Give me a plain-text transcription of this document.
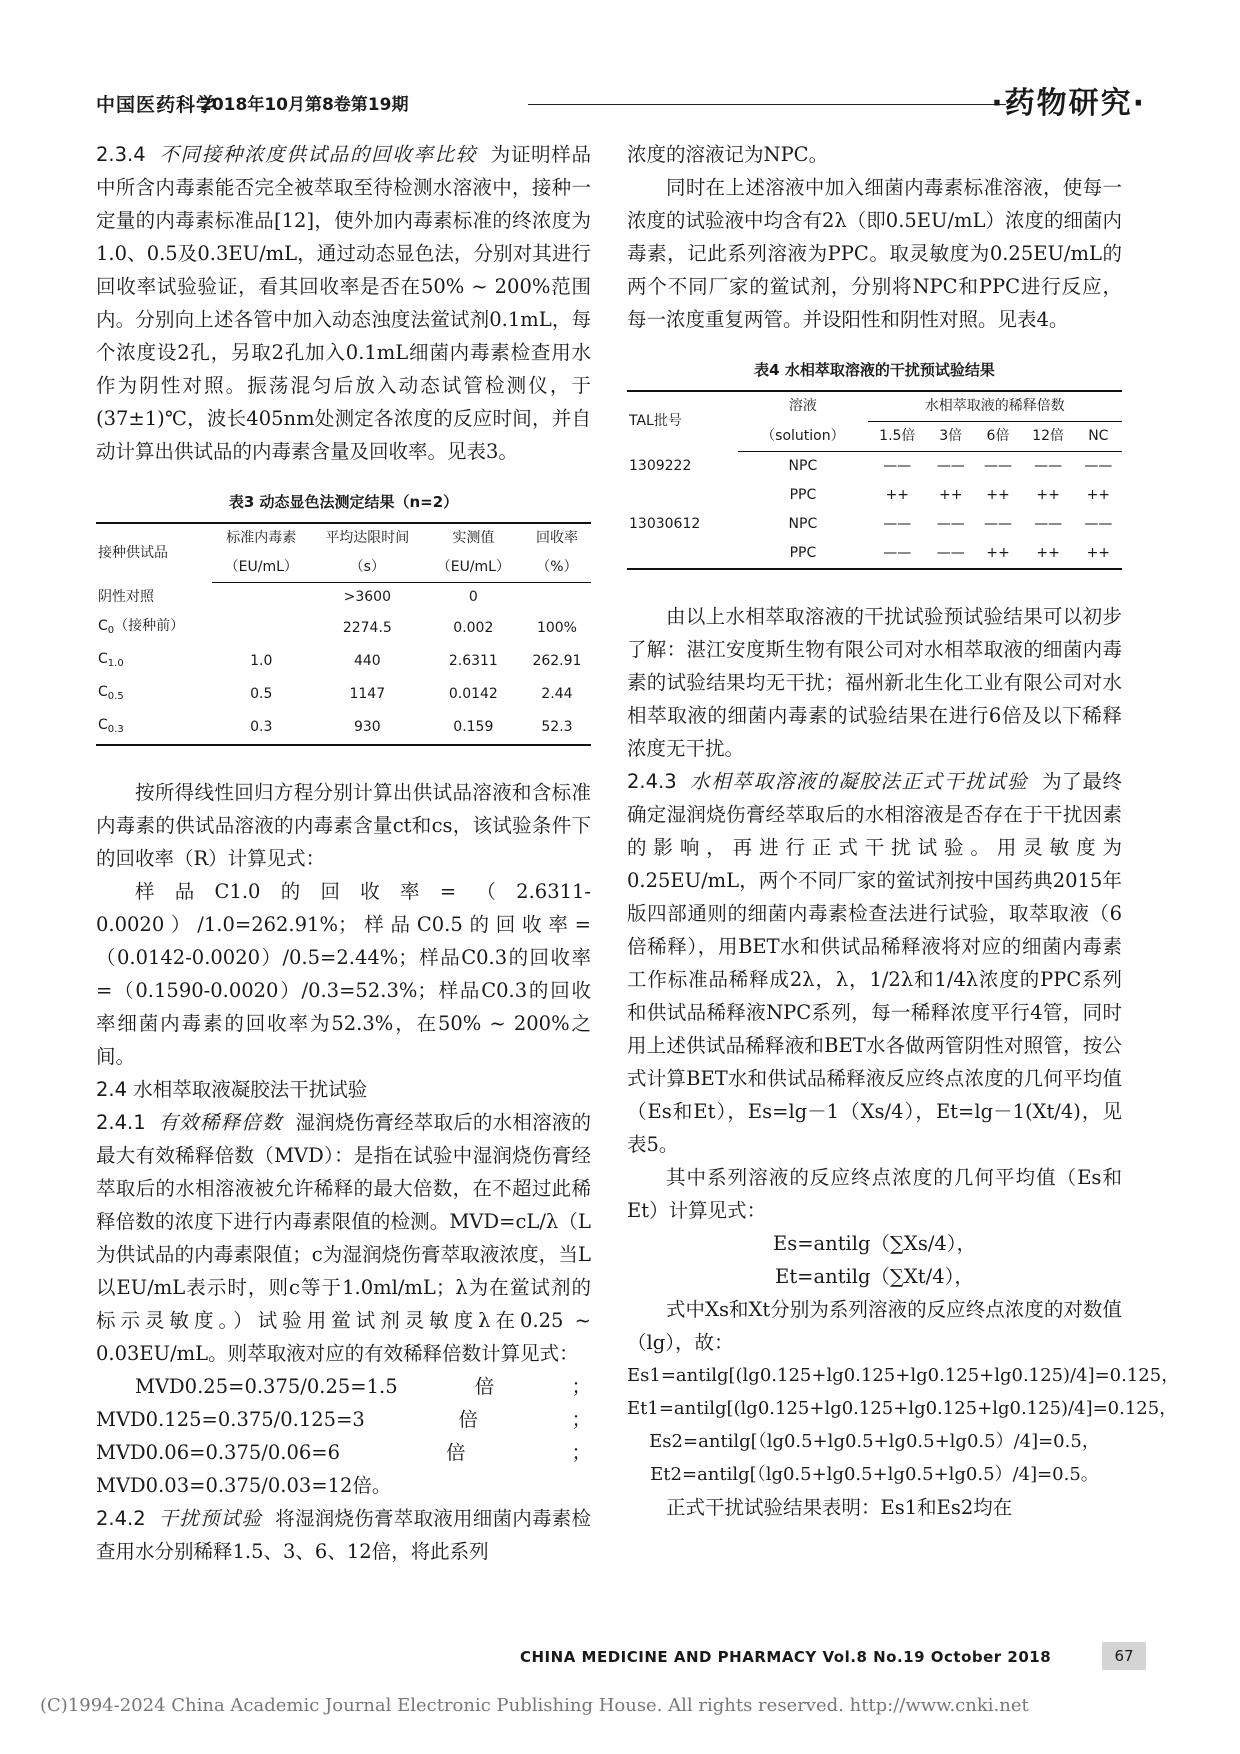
中国医药科学
2018年10月第8卷第19期	·药物研究·

2.3.4 不同接种浓度供试品的回收率比较 为证明样品中所含内毒素能否完全被萃取至待检测水溶液中，接种一定量的内毒素标准品[12]，使外加内毒素标准的终浓度为1.0、0.5及0.3EU/mL，通过动态显色法，分别对其进行回收率试验验证，看其回收率是否在50% ~ 200%范围内。分别向上述各管中加入动态浊度法鲎试剂0.1mL，每个浓度设2孔，另取2孔加入0.1mL细菌内毒素检查用水作为阴性对照。振荡混匀后放入动态试管检测仪，于(37±1)℃，波长405nm处测定各浓度的反应时间，并自动计算出供试品的内毒素含量及回收率。见表3。

表3 动态显色法测定结果（n=2）
接种供试品	标准内毒素	平均达限时间	实测值	回收率
	（EU/mL）	（s）	（EU/mL）	（%）
阴性对照		>3600	0	
$C_0$（接种前）		2274.5	0.002	100%
$C_{1.0}$	1.0	440	2.6311	262.91
$C_{0.5}$	0.5	1147	0.0142	2.44
$C_{0.3}$	0.3	930	0.159	52.3

按所得线性回归方程分别计算出供试品溶液和含标准内毒素的供试品溶液的内毒素含量ct和cs，该试验条件下的回收率（R）计算见式：

样品C1.0的回收率=（2.6311-0.0020）/1.0=262.91%；样品C0.5的回收率=（0.0142-0.0020）/0.5=2.44%；样品C0.3的回收率=（0.1590-0.0020）/0.3=52.3%；样品C0.3的回收率细菌内毒素的回收率为52.3%，在50% ~ 200%之间。

2.4 水相萃取液凝胶法干扰试验

2.4.1 有效稀释倍数 湿润烧伤膏经萃取后的水相溶液的最大有效稀释倍数（MVD）：是指在试验中湿润烧伤膏经萃取后的水相溶液被允许稀释的最大倍数，在不超过此稀释倍数的浓度下进行内毒素限值的检测。MVD=cL/λ（L为供试品的内毒素限值；c为湿润烧伤膏萃取液浓度，当L以EU/mL表示时，则c等于1.0ml/mL；λ为在鲎试剂的标示灵敏度。）试验用鲎试剂灵敏度λ在0.25 ~ 0.03EU/mL。则萃取液对应的有效稀释倍数计算见式：

MVD0.25=0.375/0.25=1.5倍；MVD0.125=0.375/0.125=3倍；MVD0.06=0.375/0.06=6倍；MVD0.03=0.375/0.03=12倍。

2.4.2 干扰预试验 将湿润烧伤膏萃取液用细菌内毒素检查用水分别稀释1.5、3、6、12倍，将此系列

浓度的溶液记为NPC。

同时在上述溶液中加入细菌内毒素标准溶液，使每一浓度的试验液中均含有2λ（即0.5EU/mL）浓度的细菌内毒素，记此系列溶液为PPC。取灵敏度为0.25EU/mL的两个不同厂家的鲎试剂，分别将NPC和PPC进行反应，每一浓度重复两管。并设阳性和阴性对照。见表4。

表4 水相萃取溶液的干扰预试验结果
TAL批号	溶液	水相萃取液的稀释倍数				
	（solution）	1.5倍	3倍	6倍	12倍	NC
1309222	NPC	——	——	——	——	——
	PPC	++	++	++	++	++
13030612	NPC	——	——	——	——	——
	PPC	——	——	++	++	++

由以上水相萃取溶液的干扰试验预试验结果可以初步了解：湛江安度斯生物有限公司对水相萃取液的细菌内毒素的试验结果均无干扰；福州新北生化工业有限公司对水相萃取液的细菌内毒素的试验结果在进行6倍及以下稀释浓度无干扰。

2.4.3 水相萃取溶液的凝胶法正式干扰试验 为了最终确定湿润烧伤膏经萃取后的水相溶液是否存在于干扰因素的影响，再进行正式干扰试验。用灵敏度为0.25EU/mL，两个不同厂家的鲎试剂按中国药典2015年版四部通则的细菌内毒素检查法进行试验，取萃取液（6倍稀释），用BET水和供试品稀释液将对应的细菌内毒素工作标准品稀释成2λ，λ，1/2λ和1/4λ浓度的PPC系列和供试品稀释液NPC系列，每一稀释浓度平行4管，同时用上述供试品稀释液和BET水各做两管阴性对照管，按公式计算BET水和供试品稀释液反应终点浓度的几何平均值（Es和Et），Es=lg－1（Xs/4），Et=lg－1(Xt/4)，见表5。

其中系列溶液的反应终点浓度的几何平均值（Es和Et）计算见式：

Es=antilg（∑Xs/4），

Et=antilg（∑Xt/4），

式中Xs和Xt分别为系列溶液的反应终点浓度的对数值（lg），故：

Es1=antilg[(lg0.125+lg0.125+lg0.125+lg0.125)/4]=0.125，

Et1=antilg[(lg0.125+lg0.125+lg0.125+lg0.125)/4]=0.125，

Es2=antilg[（lg0.5+lg0.5+lg0.5+lg0.5）/4]=0.5，

Et2=antilg[（lg0.5+lg0.5+lg0.5+lg0.5）/4]=0.5。

正式干扰试验结果表明：Es1和Es2均在

CHINA MEDICINE AND PHARMACY Vol.8 No.19 October 2018	67
(C)1994-2024 China Academic Journal Electronic Publishing House. All rights reserved. http://www.cnki.net
